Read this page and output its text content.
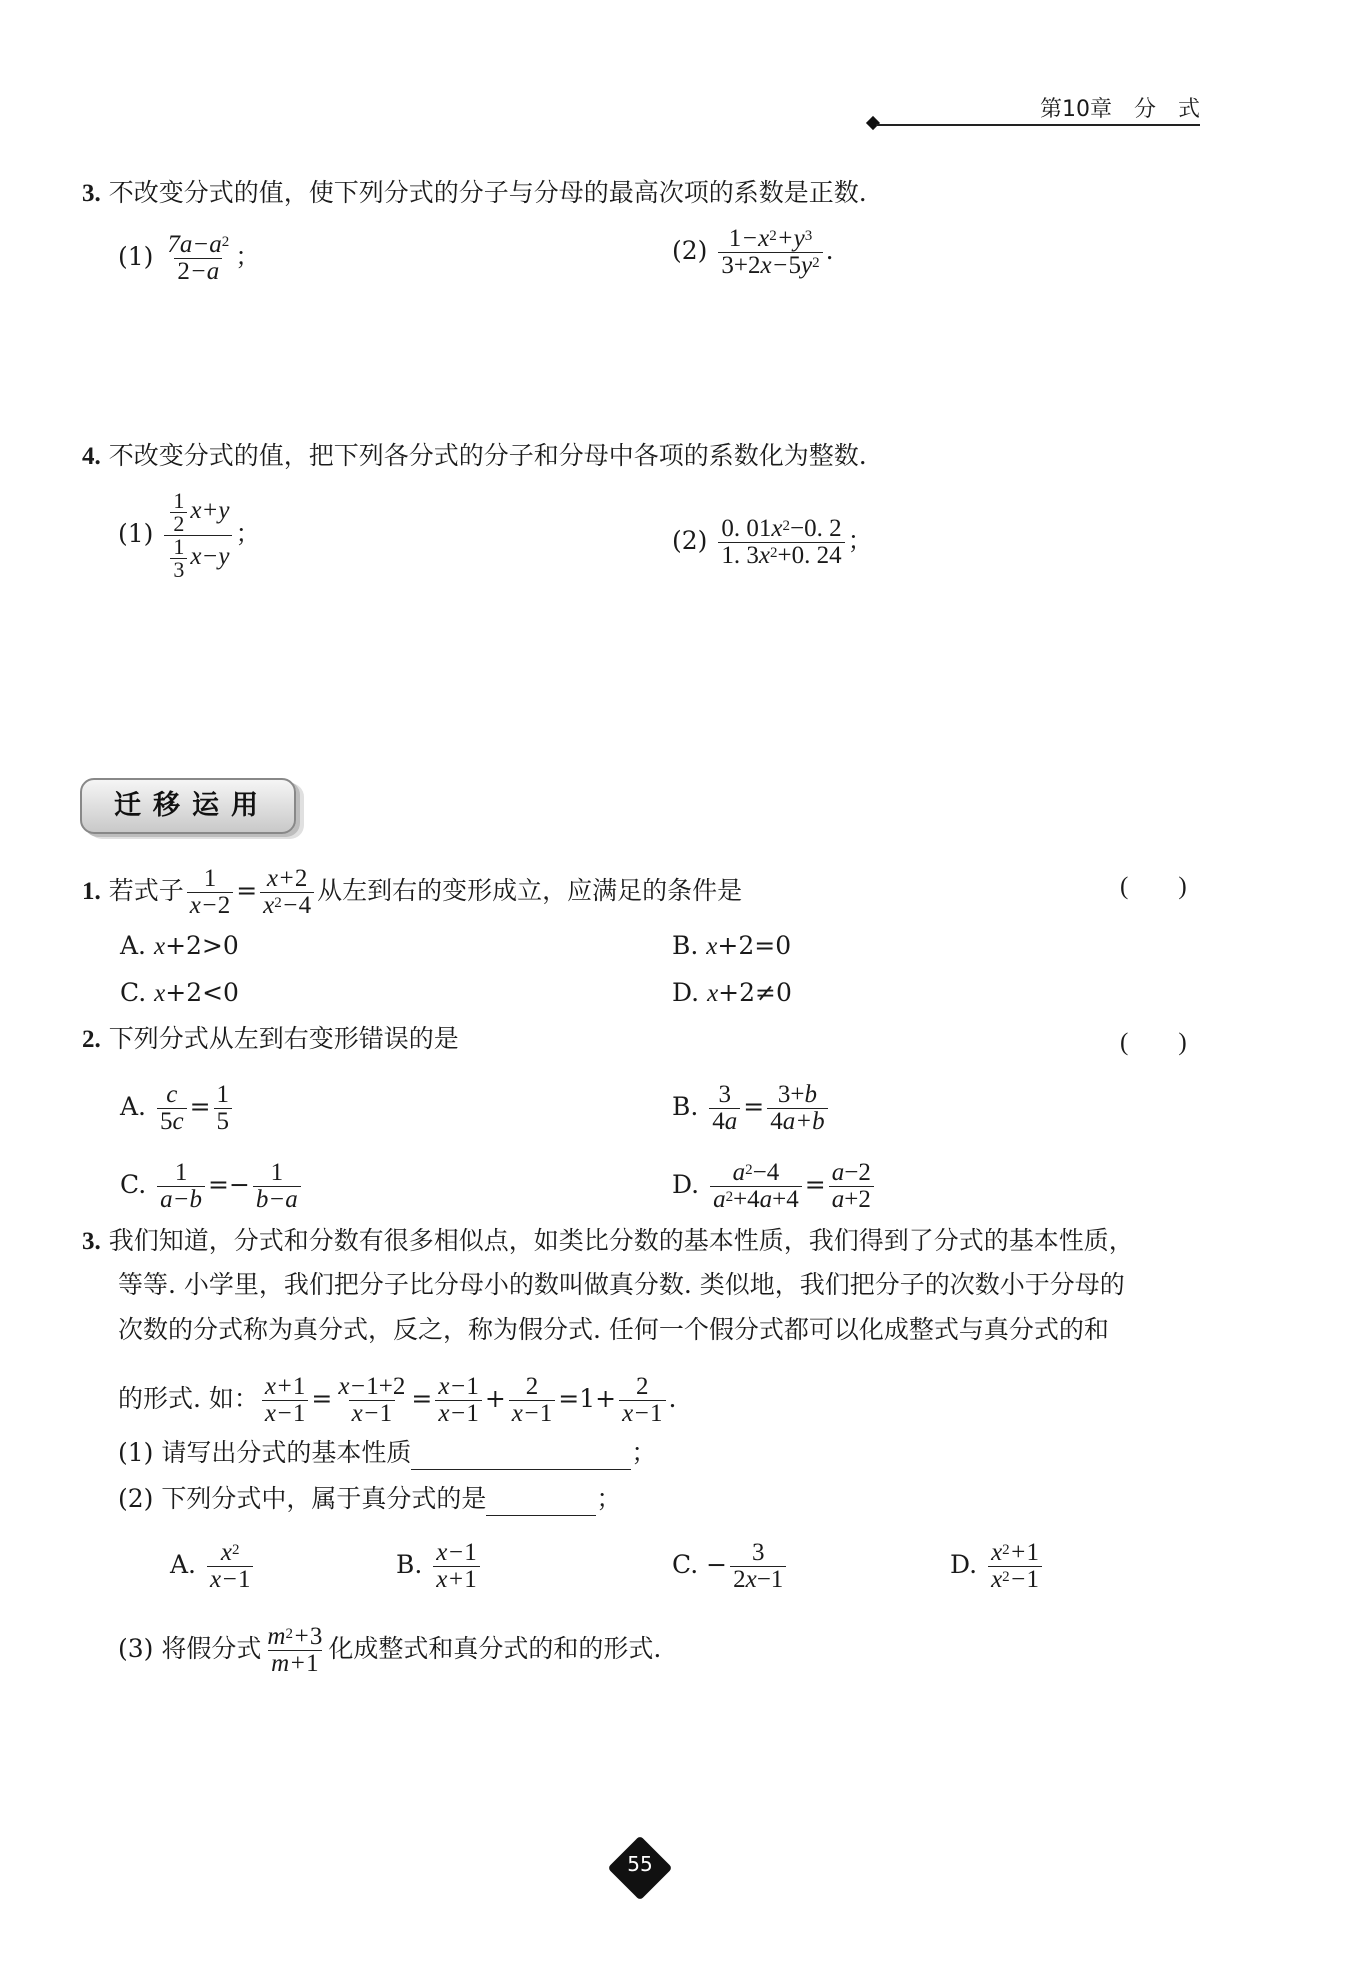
第10章　分　式
3. 不改变分式的值，使下列分式的分子与分母的最高次项的系数是正数.
$(1) \frac{7a-a^2}{2-a}$ ；	$(2) \frac{1-x^2+y^3}{3+2x-5y^2}$ .
4. 不改变分式的值，把下列各分式的分子和分母中各项的系数化为整数.
$(1) \frac{\frac{1}{2} x+y}{\frac{1}{3} x-y}$ ；	$(2) \frac{0. 01x^2-0. 2}{1. 3x^2+0. 24}$ ；
迁移运用
1. 若式子 $\frac{1}{x-2} = \frac{x+2}{x^2-4}$ 从左到右的变形成立，应满足的条件是	(　　)
A. x+2>0	B. x+2=0
C. x+2<0	D. x+2≠0
2. 下列分式从左到右变形错误的是	(　　)
A. $\frac{c}{5c} = \frac{1}{5}$	B. $\frac{3}{4a} = \frac{3+b}{4a+b}$
C. $\frac{1}{a-b} =- \frac{1}{b-a}$	D. $\frac{a^2-4}{a^2+4a+4} = \frac{a-2}{a+2}$
3. 我们知道，分式和分数有很多相似点，如类比分数的基本性质，我们得到了分式的基本性质，
等等. 小学里，我们把分子比分母小的数叫做真分数. 类似地，我们把分子的次数小于分母的
次数的分式称为真分式，反之，称为假分式. 任何一个假分式都可以化成整式与真分式的和
的形式. 如： $\frac{x+1}{x-1} = \frac{x-1+2}{x-1} = \frac{x-1}{x-1} + \frac{2}{x-1} =1+ \frac{2}{x-1}$ .
(1) 请写出分式的基本性质	；
(2) 下列分式中，属于真分式的是	；
A. $\frac{x^2}{x-1}$	B. $\frac{x-1}{x+1}$	C. − $\frac{3}{2x-1}$	D. $\frac{x^2+1}{x^2-1}$
(3) 将假分式 $\frac{m^2+3}{m+1}$ 化成整式和真分式的和的形式.
55
